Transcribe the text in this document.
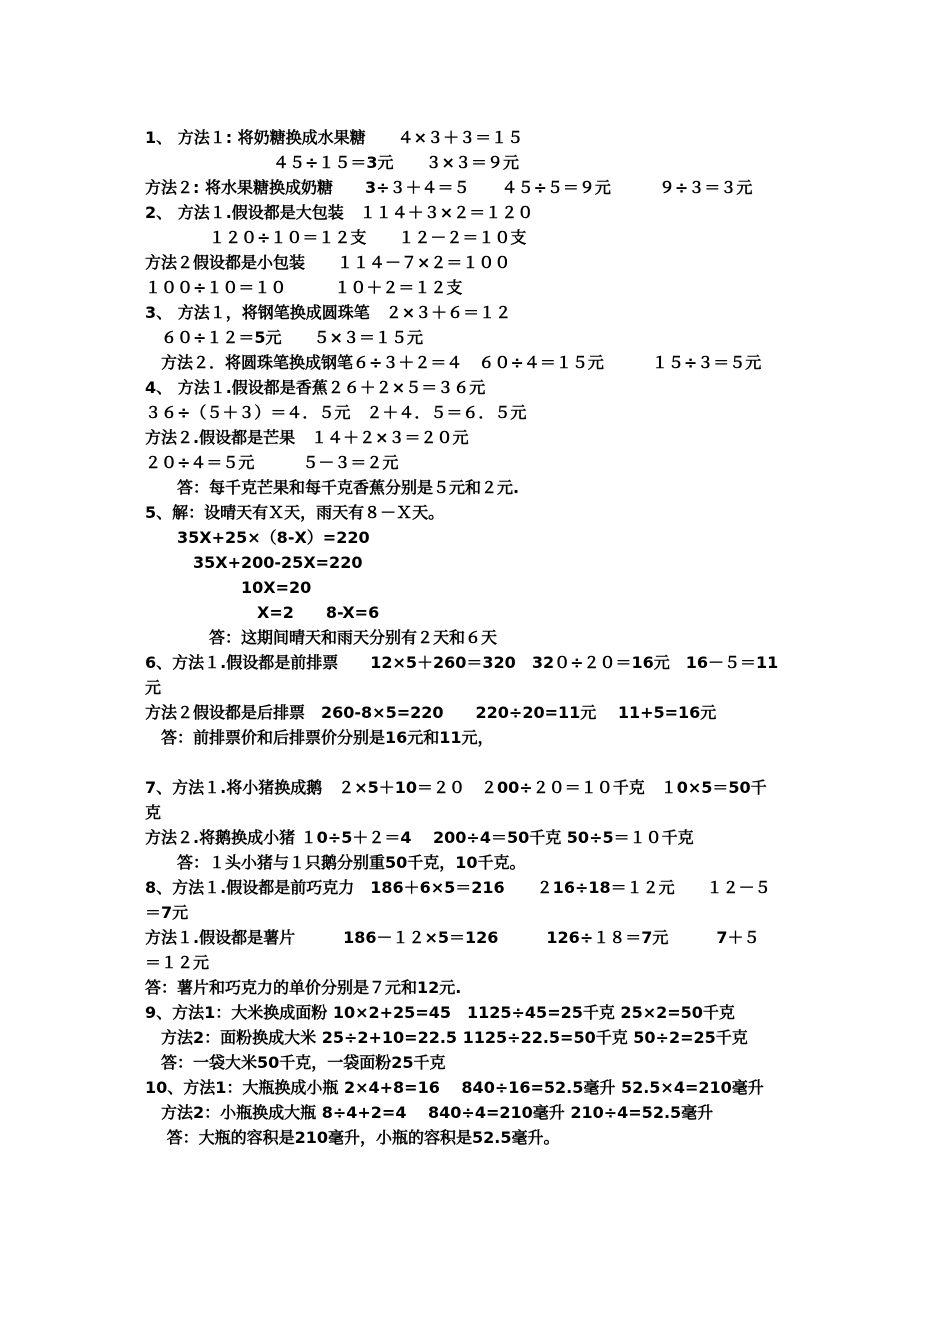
1、 方法１: 将奶糖换成水果糖　　４×３＋３＝１５

　　　　　　　　４５÷１５＝3元　　３×３＝９元

方法２: 将水果糖换成奶糖　　3÷３＋４＝５　　４５÷５＝９元　　　９÷３＝３元

2、 方法１.假设都是大包装　１１４＋３×２＝１２０

　　　　１２０÷１０＝１２支　　１２－２＝１０支

方法２假设都是小包装　　１１４－７×２＝１００

１００÷１０＝１０　　　１０＋２＝１２支

3、 方法１，将钢笔换成圆珠笔　２×３＋６＝１２

　６０÷１２＝5元　　５×３＝１５元

　方法２．将圆珠笔换成钢笔６÷３＋２＝４　６０÷４＝１５元　　　１５÷３＝５元

4、 方法１.假设都是香蕉２６＋２×５＝３６元

３６÷（５＋３）＝４．５元　２＋４．５＝６．５元

方法２.假设都是芒果　１４＋２×３＝２０元

２０÷４＝５元　　　５－３＝２元

　　答：每千克芒果和每千克香蕉分别是５元和２元.

5、解：设晴天有Ｘ天，雨天有８－Ｘ天。

　　35X+25×（8-X）=220

　　　35X+200-25X=220

　　　　　　10X=20

　　　　　　　X=2　　8-X=6

　　　　答：这期间晴天和雨天分别有２天和６天

6、方法１.假设都是前排票　　12×5＋260＝320　32０÷２０＝16元　16－５＝11

元

方法２假设都是后排票　260-8×5=220　　220÷20=11元　 11+5=16元

　答：前排票价和后排票价分别是16元和11元，

7、方法１.将小猪换成鹅　２×5＋10＝２０　２00÷２０＝１０千克　１0×5＝50千

克

方法２.将鹅换成小猪 １0÷5＋２＝4　 200÷4＝50千克 50÷5＝１０千克

　　答：１头小猪与１只鹅分别重50千克，10千克。

8、方法１.假设都是前巧克力　186＋6×5＝216　　２16÷18＝１２元　　１２－５

＝7元

方法１.假设都是薯片　　　186－１２×5＝126　　　126÷１８＝7元　　　7＋５

＝１２元

答：薯片和巧克力的单价分别是７元和12元.

9、方法1：大米换成面粉 10×2+25=45　1125÷45=25千克 25×2=50千克

　方法2：面粉换成大米 25÷2+10=22.5 1125÷22.5=50千克 50÷2=25千克

　答：一袋大米50千克，一袋面粉25千克

10、方法1：大瓶换成小瓶 2×4+8=16　 840÷16=52.5毫升 52.5×4=210毫升

　方法2：小瓶换成大瓶 8÷4+2=4　 840÷4=210毫升 210÷4=52.5毫升

　 答：大瓶的容积是210毫升，小瓶的容积是52.5毫升。
